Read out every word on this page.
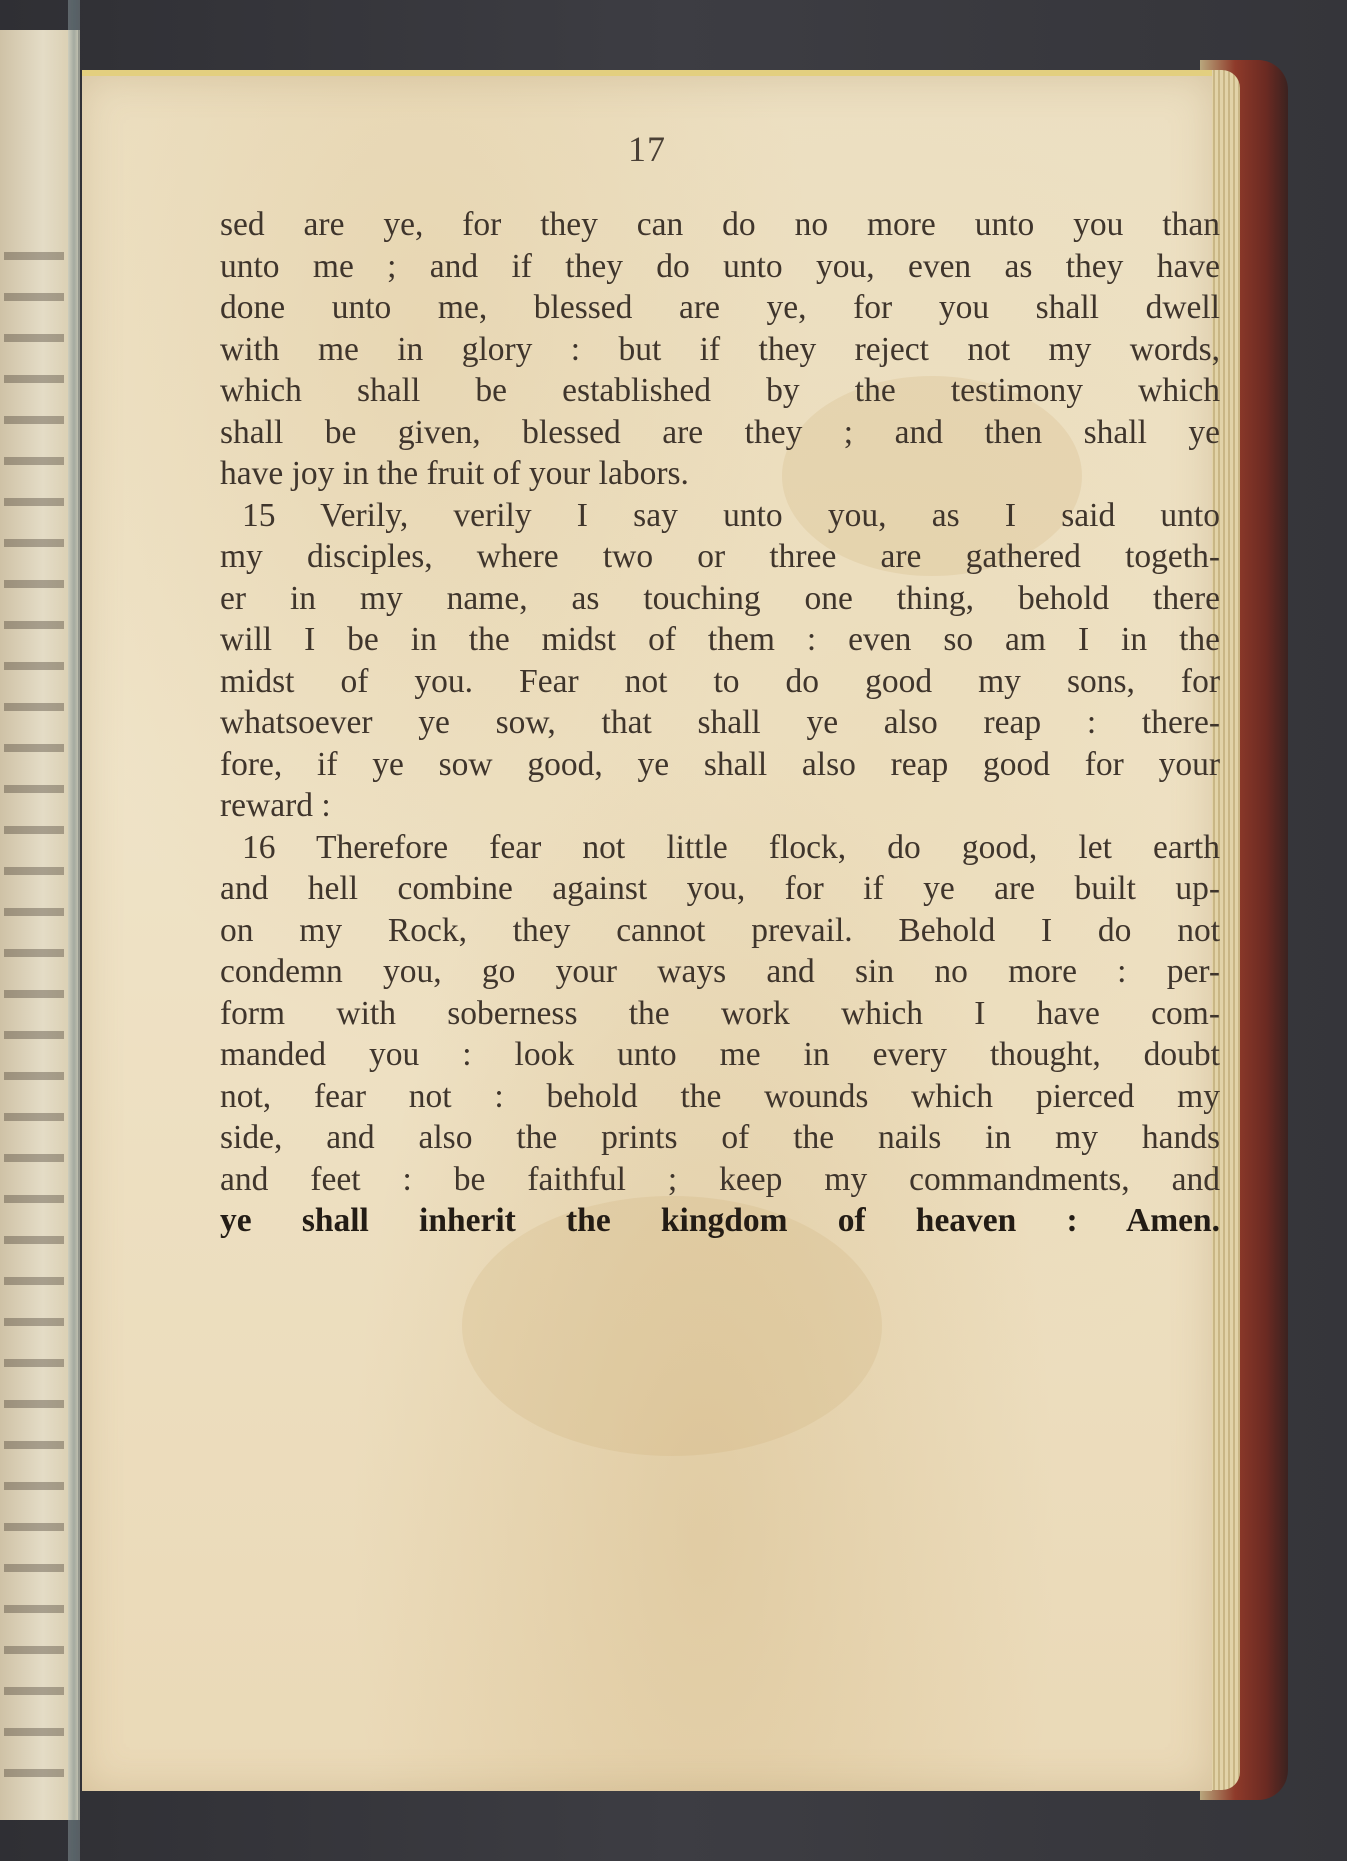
17
sed are ye, for they can do no more unto you than
unto me ; and if they do unto you, even as they have
done unto me, blessed are ye, for you shall dwell
with me in glory : but if they reject not my words,
which shall be established by the testimony which
shall be given, blessed are they ; and then shall ye
have joy in the fruit of your labors.
15 Verily, verily I say unto you, as I said unto
my disciples, where two or three are gathered togeth-
er in my name, as touching one thing, behold there
will I be in the midst of them : even so am I in the
midst of you. Fear not to do good my sons, for
whatsoever ye sow, that shall ye also reap : there-
fore, if ye sow good, ye shall also reap good for your
reward :
16 Therefore fear not little flock, do good, let earth
and hell combine against you, for if ye are built up-
on my Rock, they cannot prevail. Behold I do not
condemn you, go your ways and sin no more : per-
form with soberness the work which I have com-
manded you : look unto me in every thought, doubt
not, fear not : behold the wounds which pierced my
side, and also the prints of the nails in my hands
and feet : be faithful ; keep my commandments, and
ye shall inherit the kingdom of heaven : Amen.
